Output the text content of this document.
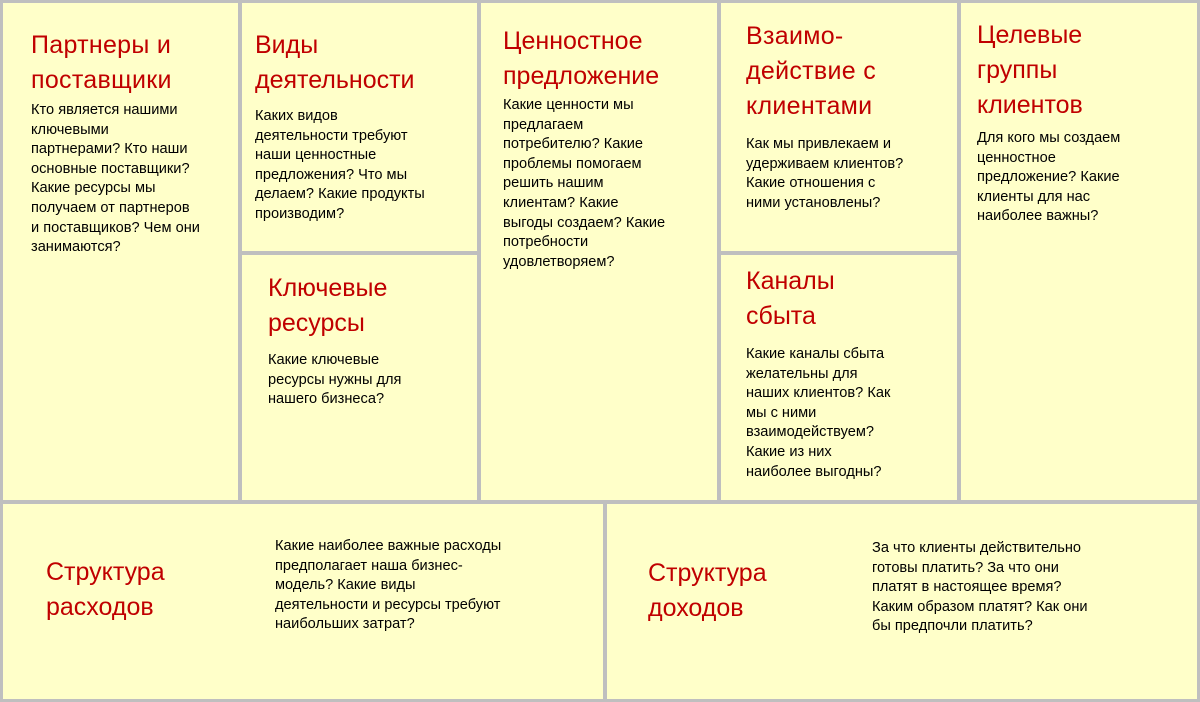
Партнеры и
поставщики

Кто является нашими
ключевыми
партнерами? Кто наши
основные поставщики?
Какие ресурсы мы
получаем от партнеров
и поставщиков? Чем они
занимаются?

Виды
деятельности

Каких видов
деятельности требуют
наши ценностные
предложения? Что мы
делаем? Какие продукты
производим?

Ключевые
ресурсы

Какие ключевые
ресурсы нужны для
нашего бизнеса?

Ценностное
предложение

Какие ценности мы
предлагаем
потребителю? Какие
проблемы помогаем
решить нашим
клиентам? Какие
выгоды создаем? Какие
потребности
удовлетворяем?

Взаимо-
действие с
клиентами

Как мы привлекаем и
удерживаем клиентов?
Какие отношения с
ними установлены?

Каналы
сбыта

Какие каналы сбыта
желательны для
наших клиентов? Как
мы с ними
взаимодействуем?
Какие из них
наиболее выгодны?

Целевые
группы
клиентов

Для кого мы создаем
ценностное
предложение? Какие
клиенты для нас
наиболее важны?

Структура
расходов

Какие наиболее важные расходы
предполагает наша бизнес-
модель? Какие виды
деятельности и ресурсы требуют
наибольших затрат?

Структура
доходов

За что клиенты действительно
готовы платить? За что они
платят в настоящее время?
Каким образом платят? Как они
бы предпочли платить?
